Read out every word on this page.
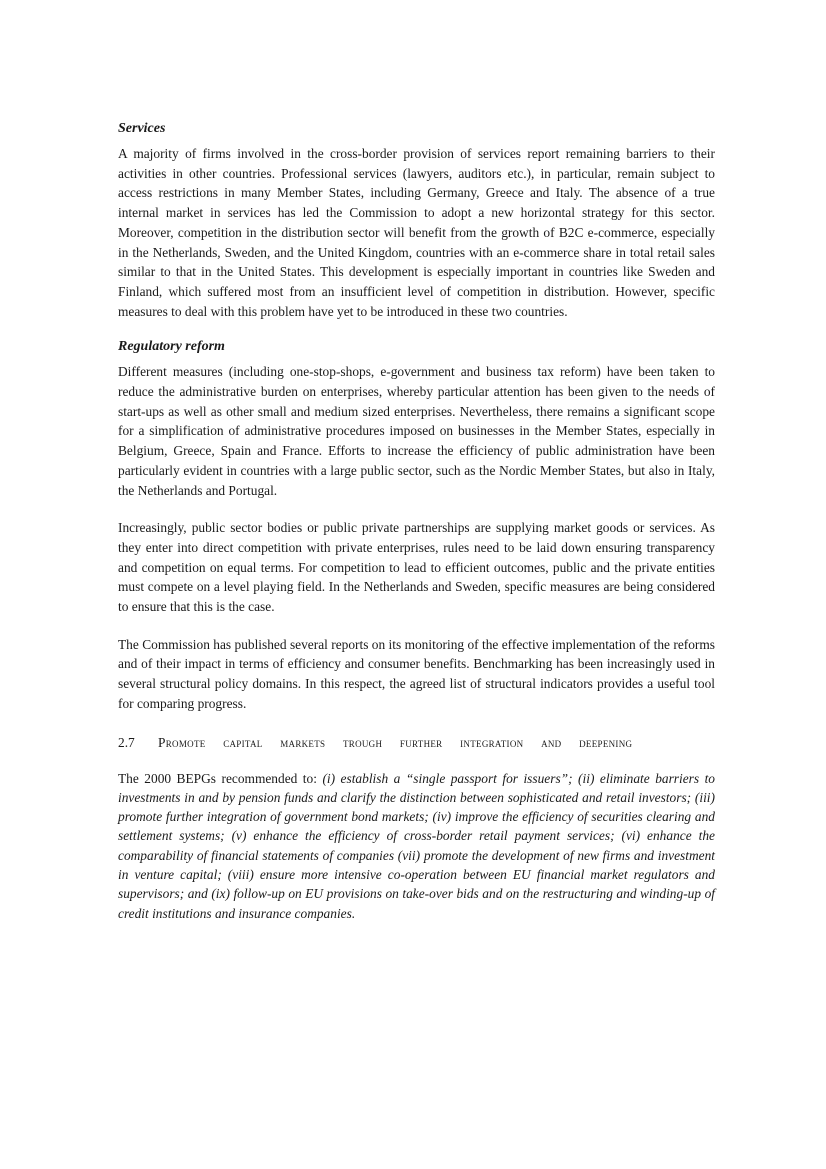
Services

A majority of firms involved in the cross-border provision of services report remaining barriers to their activities in other countries. Professional services (lawyers, auditors etc.), in particular, remain subject to access restrictions in many Member States, including Germany, Greece and Italy. The absence of a true internal market in services has led the Commission to adopt a new horizontal strategy for this sector. Moreover, competition in the distribution sector will benefit from the growth of B2C e-commerce, especially in the Netherlands, Sweden, and the United Kingdom, countries with an e-commerce share in total retail sales similar to that in the United States. This development is especially important in countries like Sweden and Finland, which suffered most from an insufficient level of competition in distribution. However, specific measures to deal with this problem have yet to be introduced in these two countries.

Regulatory reform

Different measures (including one-stop-shops, e-government and business tax reform) have been taken to reduce the administrative burden on enterprises, whereby particular attention has been given to the needs of start-ups as well as other small and medium sized enterprises. Nevertheless, there remains a significant scope for a simplification of administrative procedures imposed on businesses in the Member States, especially in Belgium, Greece, Spain and France. Efforts to increase the efficiency of public administration have been particularly evident in countries with a large public sector, such as the Nordic Member States, but also in Italy, the Netherlands and Portugal.

Increasingly, public sector bodies or public private partnerships are supplying market goods or services. As they enter into direct competition with private enterprises, rules need to be laid down ensuring transparency and competition on equal terms. For competition to lead to efficient outcomes, public and the private entities must compete on a level playing field. In the Netherlands and Sweden, specific measures are being considered to ensure that this is the case.

The Commission has published several reports on its monitoring of the effective implementation of the reforms and of their impact in terms of efficiency and consumer benefits. Benchmarking has been increasingly used in several structural policy domains. In this respect, the agreed list of structural indicators provides a useful tool for comparing progress.

2.7	Promote capital markets trough further integration and deepening

The 2000 BEPGs recommended to: (i) establish a “single passport for issuers”; (ii) eliminate barriers to investments in and by pension funds and clarify the distinction between sophisticated and retail investors; (iii) promote further integration of government bond markets; (iv) improve the efficiency of securities clearing and settlement systems; (v) enhance the efficiency of cross-border retail payment services; (vi) enhance the comparability of financial statements of companies (vii) promote the development of new firms and investment in venture capital; (viii) ensure more intensive co-operation between EU financial market regulators and supervisors; and (ix) follow-up on EU provisions on take-over bids and on the restructuring and winding-up of credit institutions and insurance companies.
